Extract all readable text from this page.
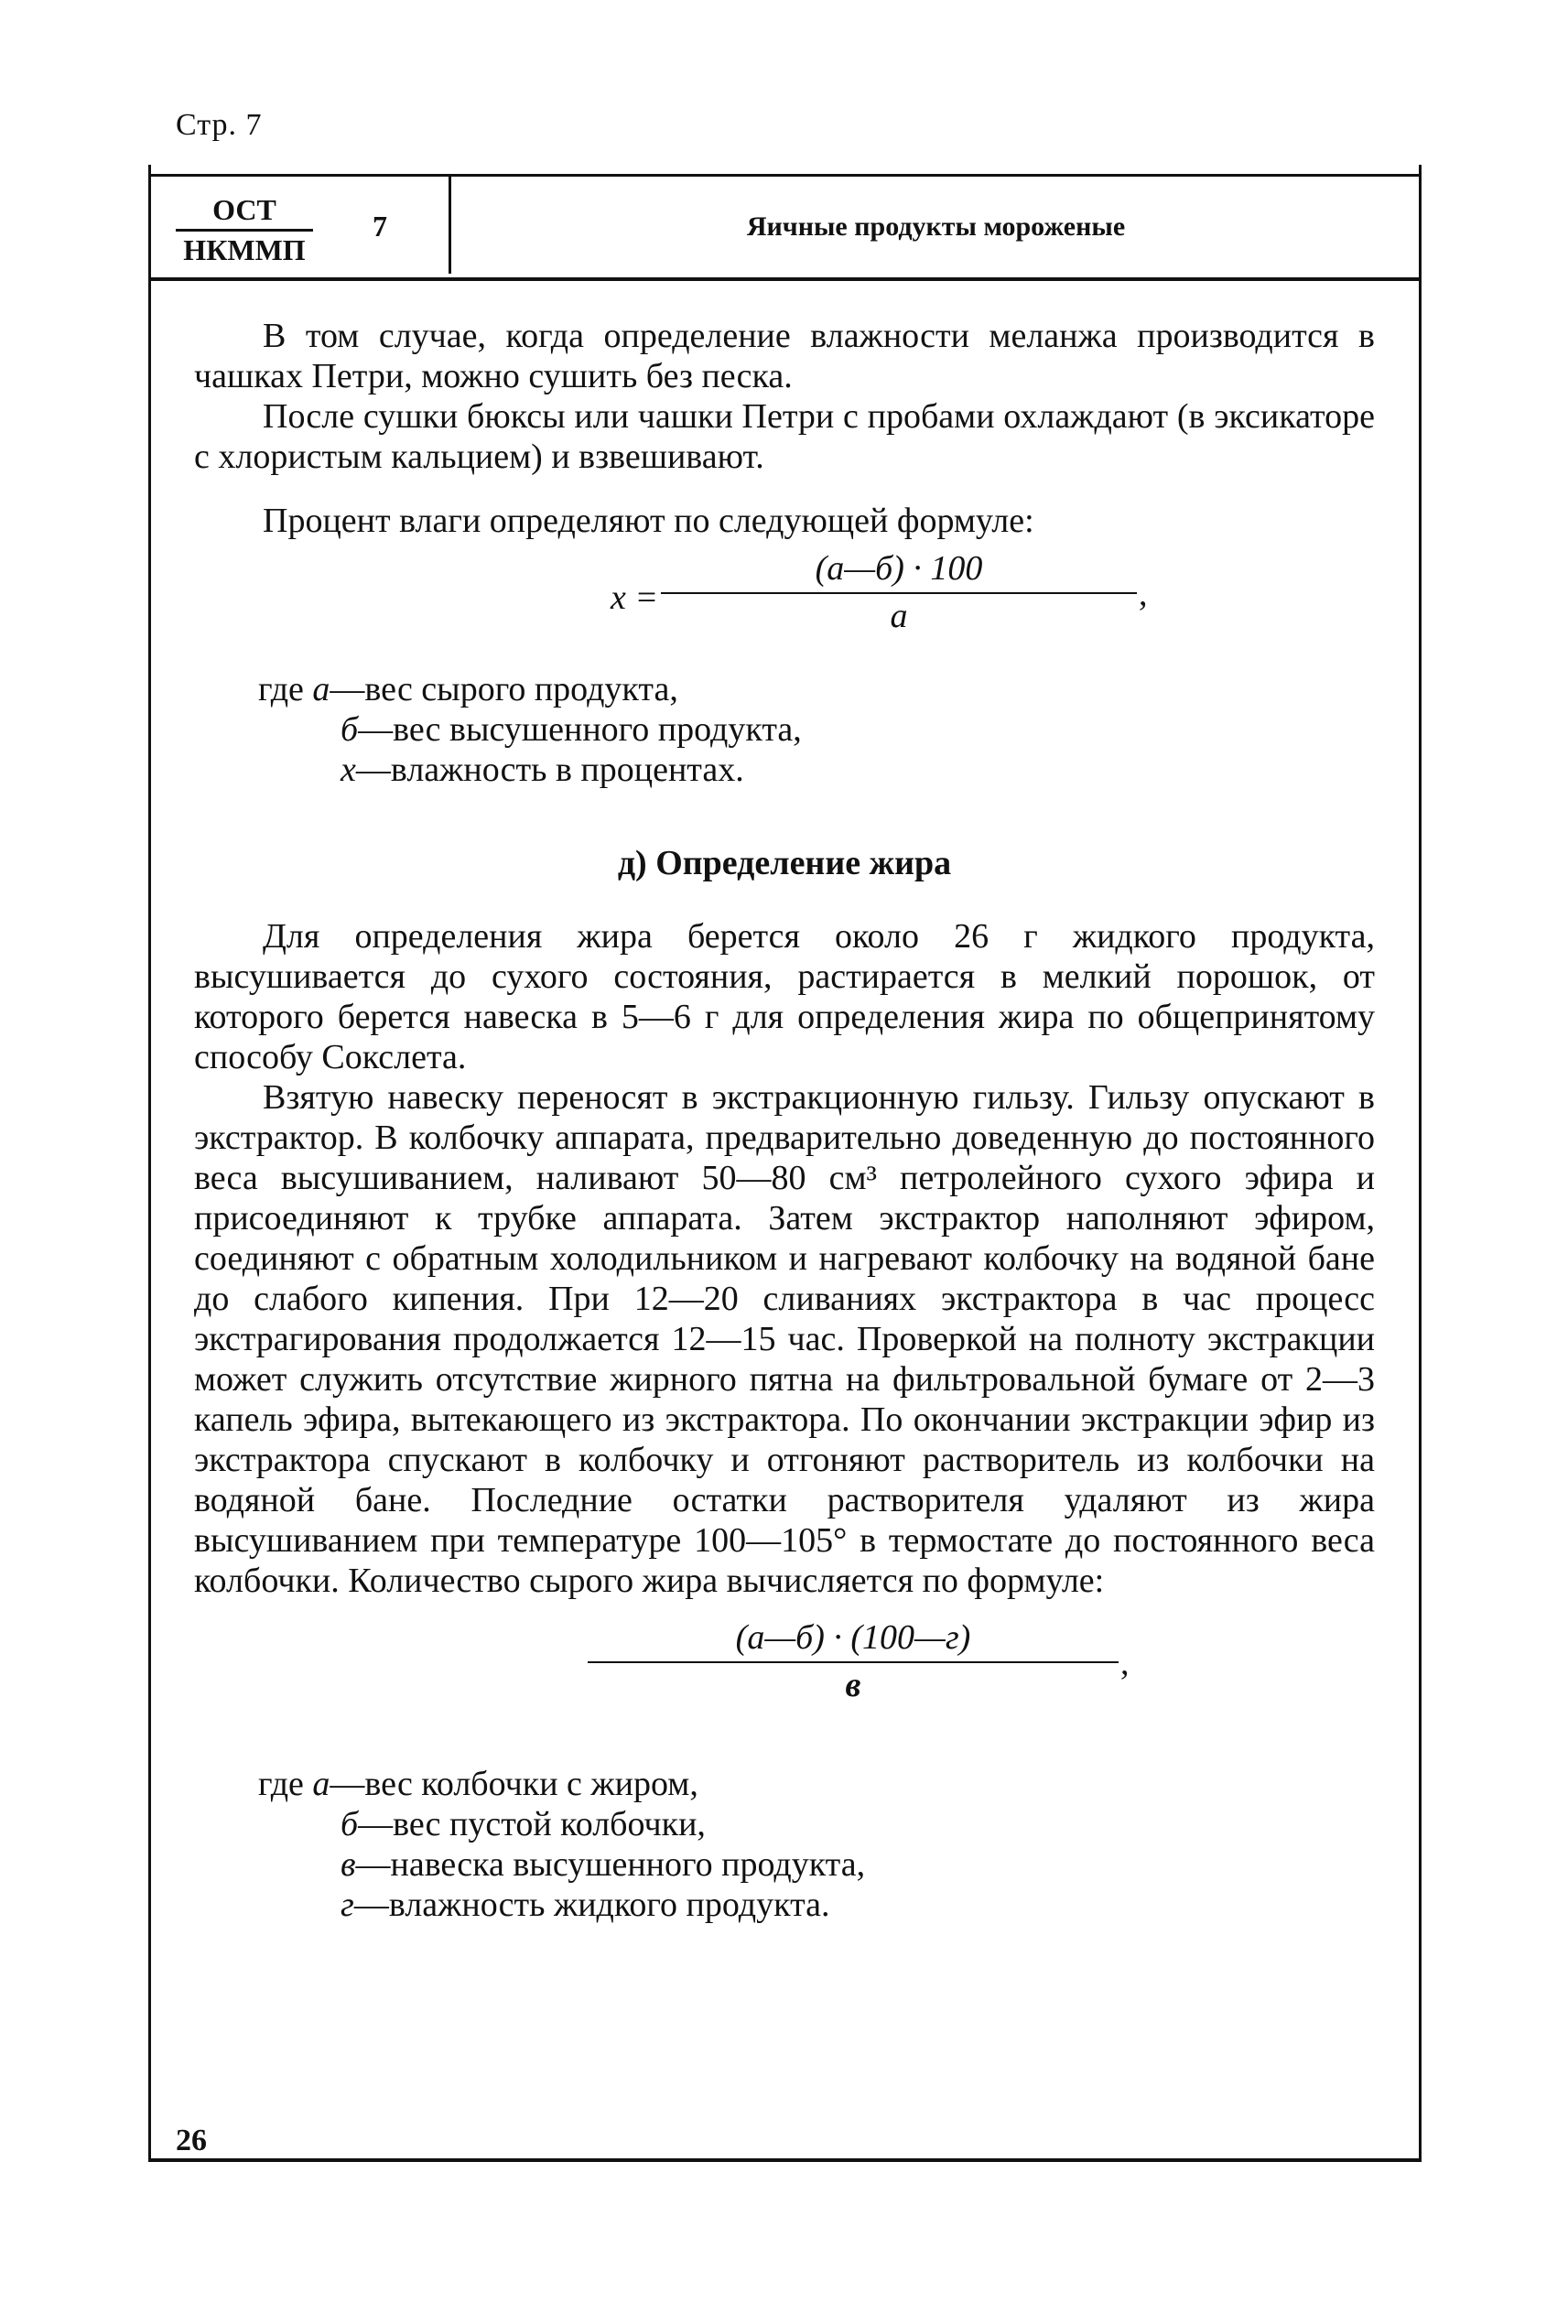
Стр. 7
ОСТ
НКММП
7	Яичные продукты мороженые

В том случае, когда определение влажности меланжа производится в чашках Петри, можно сушить без песка.

После сушки бюксы или чашки Петри с пробами охлаждают (в эксикаторе с хлористым кальцием) и взвешивают.

Процент влаги определяют по следующей формуле:

x =
(а—б) · 100
а
,
где а—вес сырого продукта,
б—вес высушенного продукта,
x—влажность в процентах.
д) Определение жира

Для определения жира берется около 26 г жидкого продукта, высушивается до сухого состояния, растирается в мелкий порошок, от которого берется навеска в 5—6 г для определения жира по общепринятому способу Сокслета.

Взятую навеску переносят в экстракционную гильзу. Гильзу опускают в экстрактор. В колбочку аппарата, предварительно доведенную до постоянного веса высушиванием, наливают 50—80 см³ петролейного сухого эфира и присоединяют к трубке аппарата. Затем экстрактор наполняют эфиром, соединяют с обратным холодильником и нагревают колбочку на водяной бане до слабого кипения. При 12—20 сливаниях экстрактора в час процесс экстрагирования продолжается 12—15 час. Проверкой на полноту экстракции может служить отсутствие жирного пятна на фильтровальной бумаге от 2—3 капель эфира, вытекающего из экстрактора. По окончании экстракции эфир из экстрактора спускают в колбочку и отгоняют растворитель из колбочки на водяной бане. Последние остатки растворителя удаляют из жира высушиванием при температуре 100—105° в термостате до постоянного веса колбочки. Количество сырого жира вычисляется по формуле:

(а—б) · (100—г)
в
,
где а—вес колбочки с жиром,
б—вес пустой колбочки,
в—навеска высушенного продукта,
г—влажность жидкого продукта.
26
